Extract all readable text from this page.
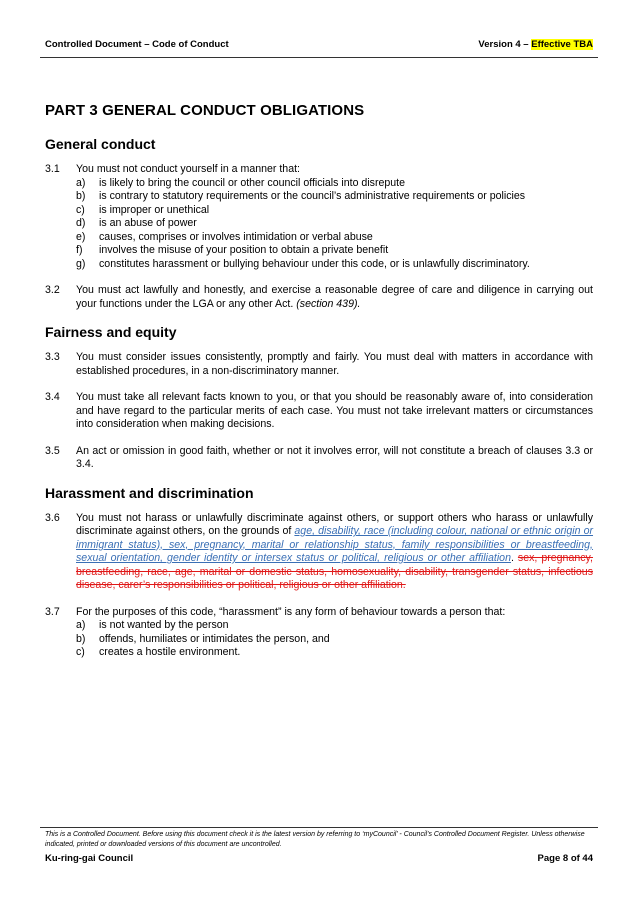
Controlled Document – Code of Conduct	Version 4 – Effective TBA
PART 3 GENERAL CONDUCT OBLIGATIONS
General conduct
3.1	You must not conduct yourself in a manner that:
a)	is likely to bring the council or other council officials into disrepute
b)	is contrary to statutory requirements or the council’s administrative requirements or policies
c)	is improper or unethical
d)	is an abuse of power
e)	causes, comprises or involves intimidation or verbal abuse
f)	involves the misuse of your position to obtain a private benefit
g)	constitutes harassment or bullying behaviour under this code, or is unlawfully discriminatory.
3.2	You must act lawfully and honestly, and exercise a reasonable degree of care and diligence in carrying out your functions under the LGA or any other Act. (section 439).
Fairness and equity
3.3	You must consider issues consistently, promptly and fairly. You must deal with matters in accordance with established procedures, in a non-discriminatory manner.
3.4	You must take all relevant facts known to you, or that you should be reasonably aware of, into consideration and have regard to the particular merits of each case. You must not take irrelevant matters or circumstances into consideration when making decisions.
3.5	An act or omission in good faith, whether or not it involves error, will not constitute a breach of clauses 3.3 or 3.4.
Harassment and discrimination
3.6	You must not harass or unlawfully discriminate against others, or support others who harass or unlawfully discriminate against others, on the grounds of age, disability, race (including colour, national or ethnic origin or immigrant status), sex, pregnancy, marital or relationship status, family responsibilities or breastfeeding, sexual orientation, gender identity or intersex status or political, religious or other affiliation. sex, pregnancy, breastfeeding, race, age, marital or domestic status, homosexuality, disability, transgender status, infectious disease, carer’s responsibilities or political, religious or other affiliation.
3.7	For the purposes of this code, “harassment” is any form of behaviour towards a person that:
a)	is not wanted by the person
b)	offends, humiliates or intimidates the person, and
c)	creates a hostile environment.
This is a Controlled Document. Before using this document check it is the latest version by referring to ‘myCouncil’ - Council’s Controlled Document Register. Unless otherwise indicated, printed or downloaded versions of this document are uncontrolled.
Ku-ring-gai Council	Page 8 of 44
